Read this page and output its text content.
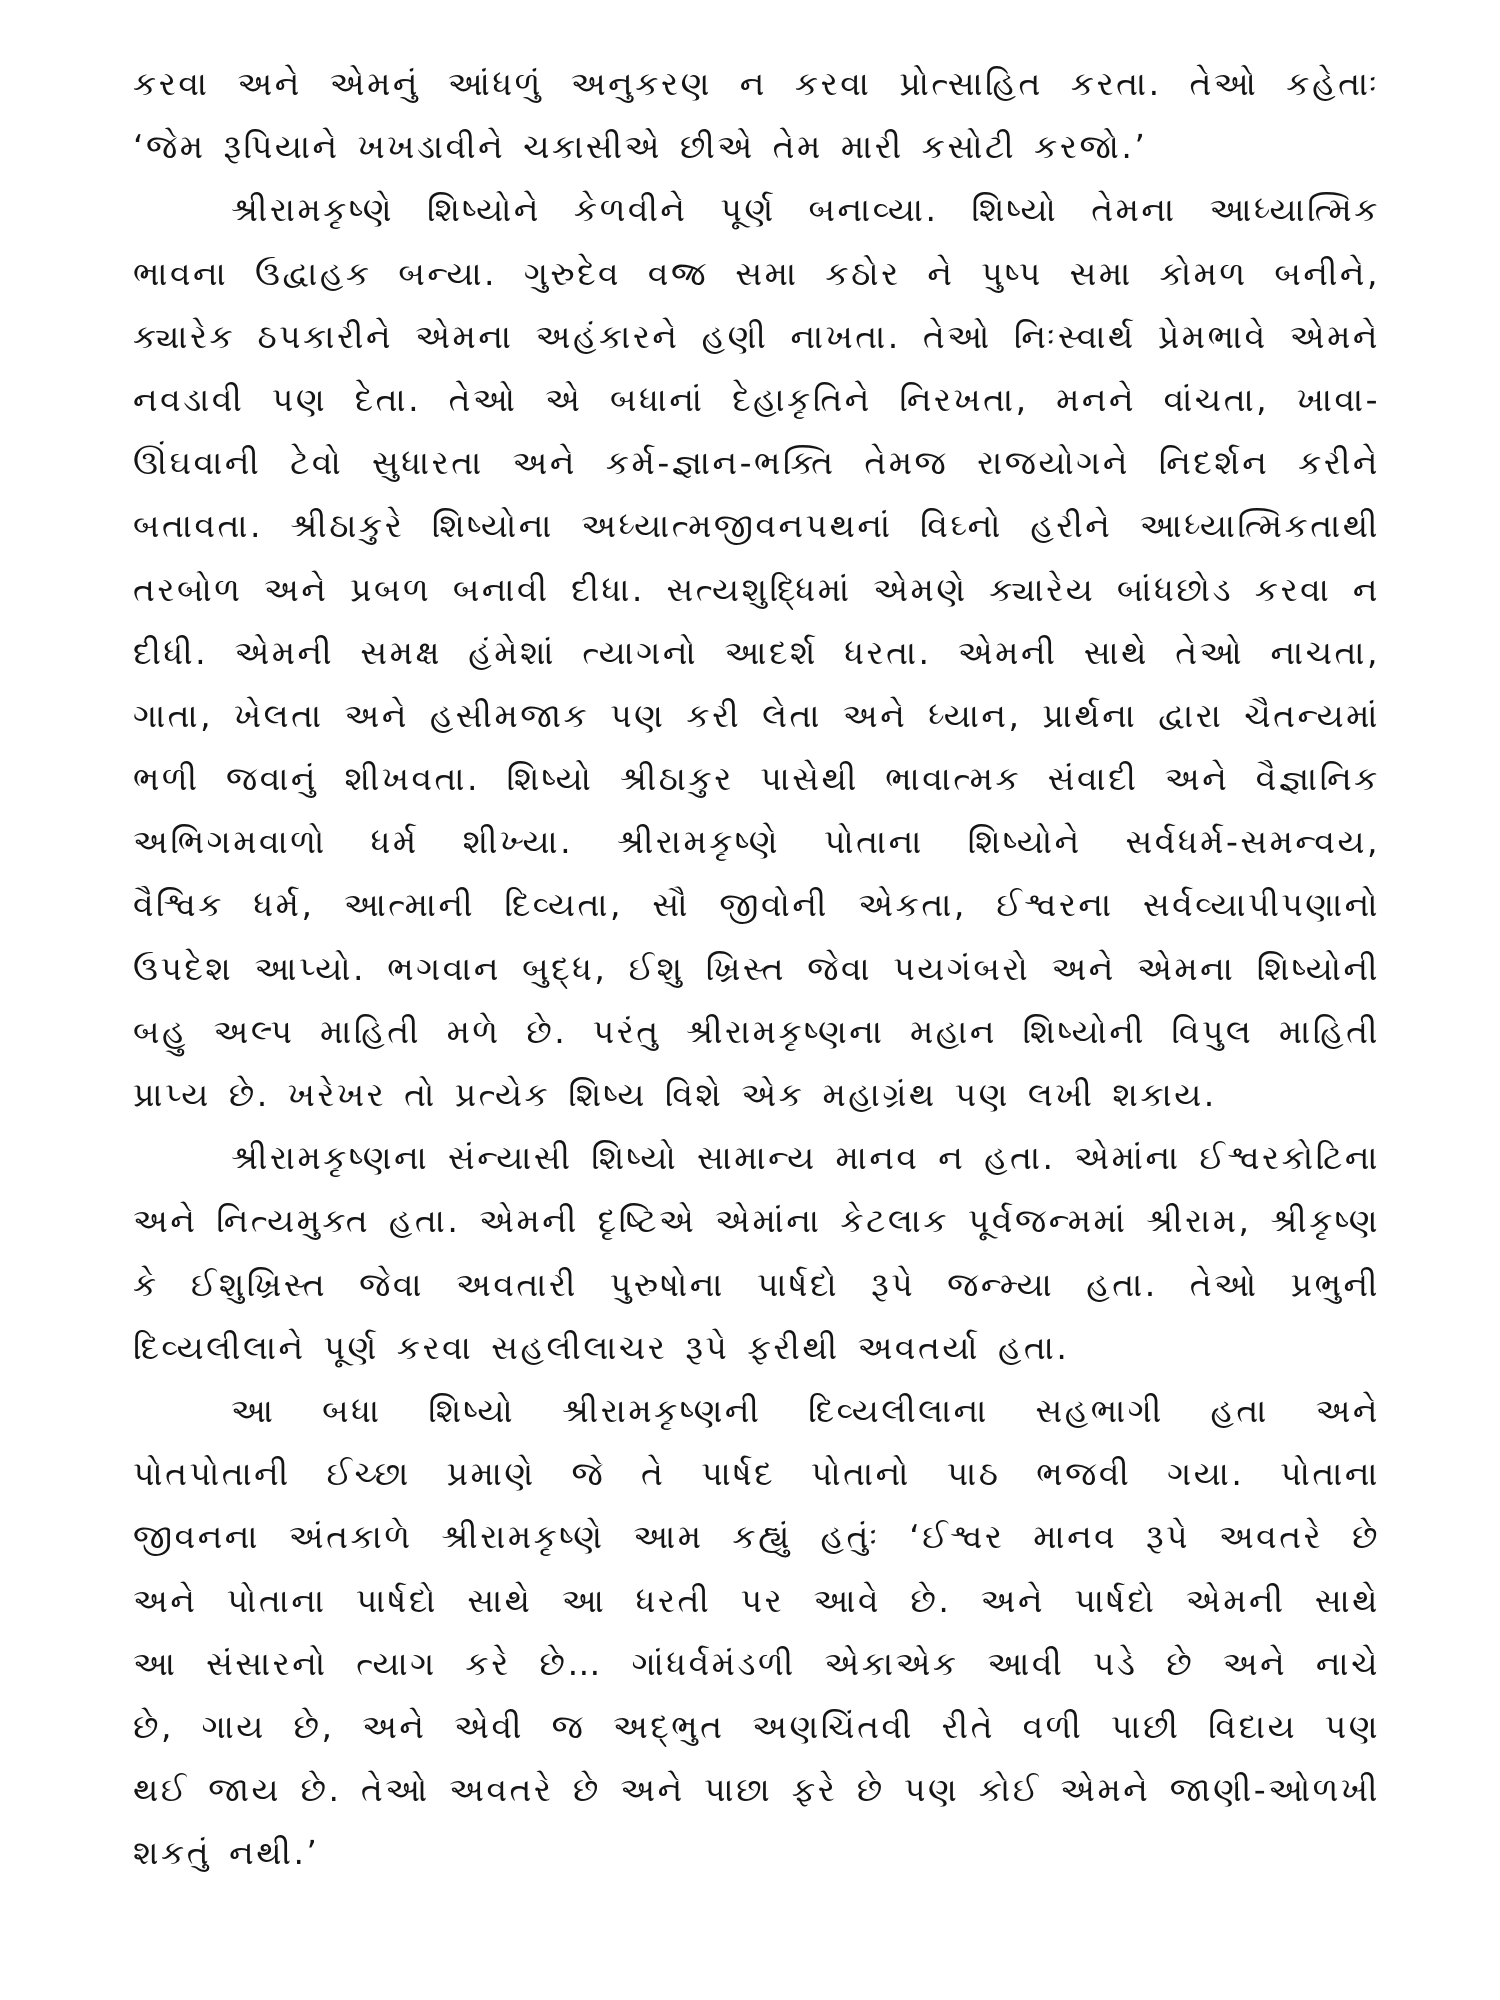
કરવા અને એમનું આંધળું અનુકરણ ન કરવા પ્રોત્સાહિત કરતા. તેઓ કહેતાઃ
‘જેમ રૂપિયાને ખખડાવીને ચકાસીએ છીએ તેમ મારી કસોટી કરજો.’
શ્રીરામકૃષ્ણે શિષ્યોને કેળવીને પૂર્ણ બનાવ્યા. શિષ્યો તેમના આધ્યાત્મિક
ભાવના ઉદ્વાહક બન્યા. ગુરુદેવ વજ્ર સમા કઠોર ને પુષ્પ સમા કોમળ બનીને,
ક્યારેક ઠપકારીને એમના અહંકારને હણી નાખતા. તેઓ નિઃસ્વાર્થ પ્રેમભાવે એમને
નવડાવી પણ દેતા. તેઓ એ બધાનાં દેહાકૃતિને નિરખતા, મનને વાંચતા, ખાવા-
ઊંઘવાની ટેવો સુધારતા અને કર્મ-જ્ઞાન-ભક્તિ તેમજ રાજયોગને નિદર્શન કરીને
બતાવતા. શ્રીઠાકુરે શિષ્યોના અધ્યાત્મજીવનપથનાં વિઘ્નો હરીને આધ્યાત્મિકતાથી
તરબોળ અને પ્રબળ બનાવી દીધા. સત્યશુદ્ધિમાં એમણે ક્યારેય બાંધછોડ કરવા ન
દીધી. એમની સમક્ષ હંમેશાં ત્યાગનો આદર્શ ધરતા. એમની સાથે તેઓ નાચતા,
ગાતા, ખેલતા અને હસીમજાક પણ કરી લેતા અને ધ્યાન, પ્રાર્થના દ્વારા ચૈતન્યમાં
ભળી જવાનું શીખવતા. શિષ્યો શ્રીઠાકુર પાસેથી ભાવાત્મક સંવાદી અને વૈજ્ઞાનિક
અભિગમવાળો ધર્મ શીખ્યા. શ્રીરામકૃષ્ણે પોતાના શિષ્યોને સર્વધર્મ-સમન્વય,
વૈશ્વિક ધર્મ, આત્માની દિવ્યતા, સૌ જીવોની એકતા, ઈશ્વરના સર્વવ્યાપીપણાનો
ઉપદેશ આપ્યો. ભગવાન બુદ્ધ, ઈશુ ખ્રિસ્ત જેવા પયગંબરો અને એમના શિષ્યોની
બહુ અલ્પ માહિતી મળે છે. પરંતુ શ્રીરામકૃષ્ણના મહાન શિષ્યોની વિપુલ માહિતી
પ્રાપ્ય છે. ખરેખર તો પ્રત્યેક શિષ્ય વિશે એક મહાગ્રંથ પણ લખી શકાય.
શ્રીરામકૃષ્ણના સંન્યાસી શિષ્યો સામાન્ય માનવ ન હતા. એમાંના ઈશ્વરકોટિના
અને નિત્યમુક્ત હતા. એમની દૃષ્ટિએ એમાંના કેટલાક પૂર્વજન્મમાં શ્રીરામ, શ્રીકૃષ્ણ
કે ઈશુખ્રિસ્ત જેવા અવતારી પુરુષોના પાર્ષદો રૂપે જન્મ્યા હતા. તેઓ પ્રભુની
દિવ્યલીલાને પૂર્ણ કરવા સહલીલાચર રૂપે ફરીથી અવતર્યા હતા.
આ બધા શિષ્યો શ્રીરામકૃષ્ણની દિવ્યલીલાના સહભાગી હતા અને
પોતપોતાની ઈચ્છા પ્રમાણે જે તે પાર્ષદ પોતાનો પાઠ ભજવી ગયા. પોતાના
જીવનના અંતકાળે શ્રીરામકૃષ્ણે આમ કહ્યું હતુંઃ ‘ઈશ્વર માનવ રૂપે અવતરે છે
અને પોતાના પાર્ષદો સાથે આ ધરતી પર આવે છે. અને પાર્ષદો એમની સાથે
આ સંસારનો ત્યાગ કરે છે… ગાંધર્વમંડળી એકાએક આવી પડે છે અને નાચે
છે, ગાય છે, અને એવી જ અદ્ભુત અણચિંતવી રીતે વળી પાછી વિદાય પણ
થઈ જાય છે. તેઓ અવતરે છે અને પાછા ફરે છે પણ કોઈ એમને જાણી-ઓળખી
શકતું નથી.’
